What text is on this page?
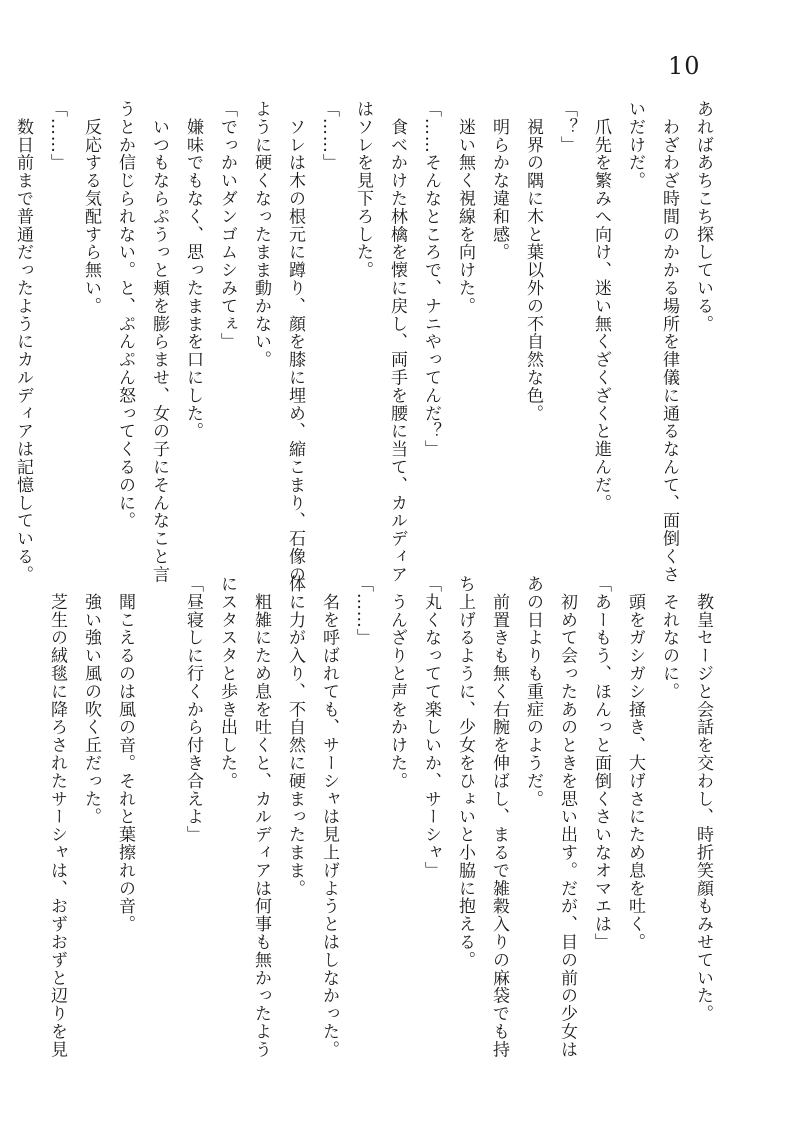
10
あればあちこち探している。
　わざわざ時間のかかる場所を律儀に通るなんて、面倒くさ
いだけだ。
　爪先を繁みへ向け、迷い無くざくざくと進んだ。
「？」
　視界の隅に木と葉以外の不自然な色。
　明らかな違和感。
　迷い無く視線を向けた。
「……そんなところで、ナニやってんだ？」
　食べかけた林檎を懐に戻し、両手を腰に当て、カルディア
はソレを見下ろした。
「……」
　ソレは木の根元に蹲り、顔を膝に埋め、縮こまり、石像の
ように硬くなったまま動かない。
「でっかいダンゴムシみてぇ」
　嫌味でもなく、思ったままを口にした。
　いつもならぷうっと頬を膨らませ、女の子にそんなこと言
うとか信じられない。と、ぷんぷん怒ってくるのに。
　反応する気配すら無い。
「……」
　数日前まで普通だったようにカルディアは記憶している。
　教皇セージと会話を交わし、時折笑顔もみせていた。
　それなのに。
　頭をガシガシ掻き、大げさにため息を吐く。
「あーもう、ほんっと面倒くさいなオマエは」
　初めて会ったあのときを思い出す。だが、目の前の少女は
あの日よりも重症のようだ。
　前置きも無く右腕を伸ばし、まるで雑穀入りの麻袋でも持
ち上げるように、少女をひょいと小脇に抱える。
「丸くなってて楽しいか、サーシャ」
　うんざりと声をかけた。
「……」
　名を呼ばれても、サーシャは見上げようとはしなかった。
体に力が入り、不自然に硬まったまま。
　粗雑にため息を吐くと、カルディアは何事も無かったよう
にスタスタと歩き出した。
「昼寝しに行くから付き合えよ」

　聞こえるのは風の音。それと葉擦れの音。
　強い強い風の吹く丘だった。
　芝生の絨毯に降ろされたサーシャは、おずおずと辺りを見
